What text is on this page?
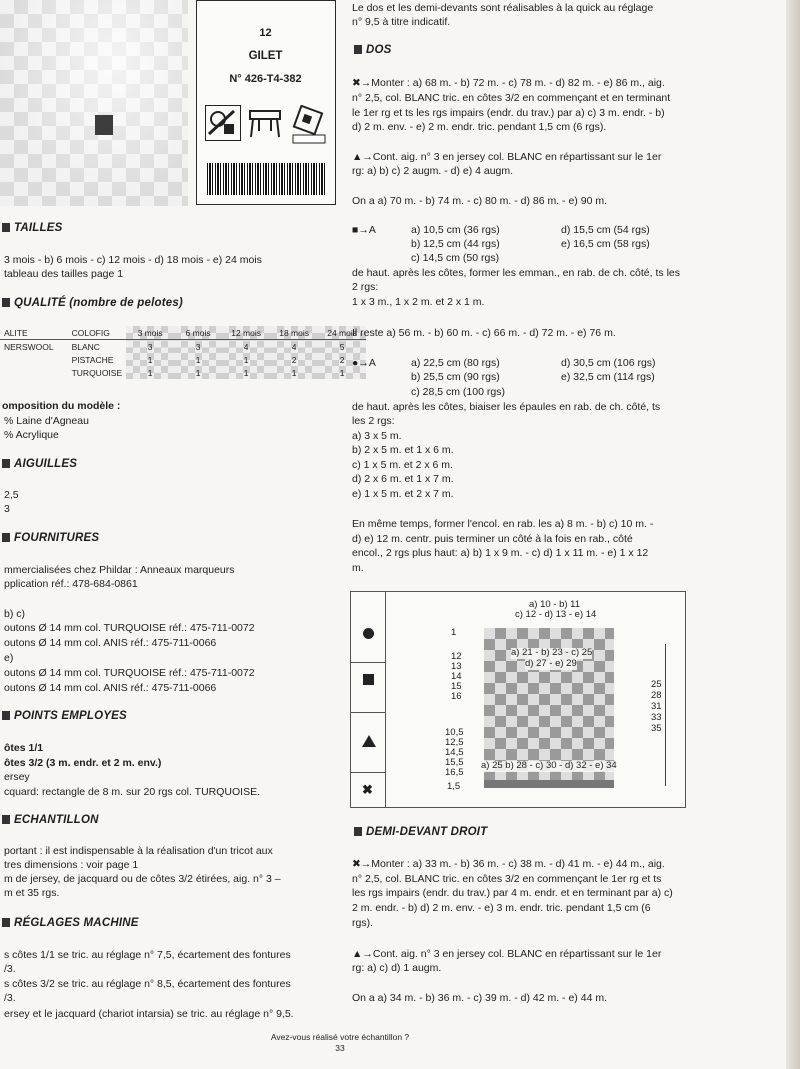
12
GILET
N° 426-T4-382
TAILLES
3 mois - b) 6 mois - c) 12 mois - d) 18 mois - e) 24 mois
tableau des tailles page 1
QUALITÉ (nombre de pelotes)
ALITE	COLOFIG	3 mois	6 mois	12 mois	18 mois	24 mois
NERSWOOL	BLANC	3	3	4	4	5
	PISTACHE	1	1	1	2	2
	TURQUOISE	1	1	1	1	1
omposition du modèle :
% Laine d'Agneau
% Acrylique
AIGUILLES
2,5
3
FOURNITURES
mmercialisées chez Phildar : Anneaux marqueurs
pplication réf.: 478-684-0861
b) c)
outons Ø 14 mm col. TURQUOISE réf.: 475-711-0072
outons Ø 14 mm col. ANIS réf.: 475-711-0066
e)
outons Ø 14 mm col. TURQUOISE réf.: 475-711-0072
outons Ø 14 mm col. ANIS réf.: 475-711-0066
POINTS EMPLOYES
ôtes 1/1
ôtes 3/2 (3 m. endr. et 2 m. env.)
ersey
cquard: rectangle de 8 m. sur 20 rgs col. TURQUOISE.
ECHANTILLON
portant : il est indispensable à la réalisation d'un tricot aux
tres dimensions : voir page 1
m de jersey, de jacquard ou de côtes 3/2 étirées, aig. n° 3 –
m et 35 rgs.
RÉGLAGES MACHINE
s côtes 1/1 se tric. au réglage n° 7,5, écartement des fontures
/3.
s côtes 3/2 se tric. au réglage n° 8,5, écartement des fontures
/3.
ersey et le jacquard (chariot intarsia) se tric. au réglage n° 9,5.
Le dos et les demi-devants sont réalisables à la quick au réglage
n° 9,5 à titre indicatif.
DOS
✖→Monter : a) 68 m. - b) 72 m. - c) 78 m. - d) 82 m. - e) 86 m., aig.
n° 2,5, col. BLANC tric. en côtes 3/2 en commençant et en terminant
le 1er rg et ts les rgs impairs (endr. du trav.) par a) c) 3 m. endr. - b)
d) 2 m. env. - e) 2 m. endr. tric. pendant 1,5 cm (6 rgs).
▲→Cont. aig. n° 3 en jersey col. BLANC en répartissant sur le 1er
rg: a) b) c) 2 augm. - d) e) 4 augm.
On a a) 70 m. - b) 74 m. - c) 80 m. - d) 86 m. - e) 90 m.
■→A	a) 10,5 cm (36 rgs)
b) 12,5 cm (44 rgs)
c) 14,5 cm (50 rgs)
d) 15,5 cm (54 rgs)
e) 16,5 cm (58 rgs)
de haut. après les côtes, former les emman., en rab. de ch. côté, ts les
2 rgs:
1 x 3 m., 1 x 2 m. et 2 x 1 m.
Il reste a) 56 m. - b) 60 m. - c) 66 m. - d) 72 m. - e) 76 m.
●→A	a) 22,5 cm (80 rgs)
b) 25,5 cm (90 rgs)
c) 28,5 cm (100 rgs)
d) 30,5 cm (106 rgs)
e) 32,5 cm (114 rgs)
de haut. après les côtes, biaiser les épaules en rab. de ch. côté, ts
les 2 rgs:
a) 3 x 5 m.
b) 2 x 5 m. et 1 x 6 m.
c) 1 x 5 m. et 2 x 6 m.
d) 2 x 6 m. et 1 x 7 m.
e) 1 x 5 m. et 2 x 7 m.
En même temps, former l'encol. en rab. les a) 8 m. - b) c) 10 m. -
d) e) 12 m. centr. puis terminer un côté à la fois en rab., côté
encol., 2 rgs plus haut: a) b) 1 x 9 m. - c) d) 1 x 11 m. - e) 1 x 12
m.
✖
a) 10 - b) 11
c) 12 - d) 13 - e) 14
1
12
13
14
15
16
a) 21 - b) 23 - c) 25
d) 27 - e) 29
25
28
31
33
35
10,5
12,5
14,5
15,5
16,5
a) 25 b) 28 - c) 30 - d) 32 - e) 34
1,5
DEMI-DEVANT DROIT
✖→Monter : a) 33 m. - b) 36 m. - c) 38 m. - d) 41 m. - e) 44 m., aig.
n° 2,5, col. BLANC tric. en côtes 3/2 en commençant le 1er rg et ts
les rgs impairs (endr. du trav.) par 4 m. endr. et en terminant par a) c)
2 m. endr. - b) d) 2 m. env. - e) 3 m. endr. tric. pendant 1,5 cm (6
rgs).
▲→Cont. aig. n° 3 en jersey col. BLANC en répartissant sur le 1er
rg: a) c) d) 1 augm.
On a a) 34 m. - b) 36 m. - c) 39 m. - d) 42 m. - e) 44 m.
Avez-vous réalisé votre échantillon ?
33
